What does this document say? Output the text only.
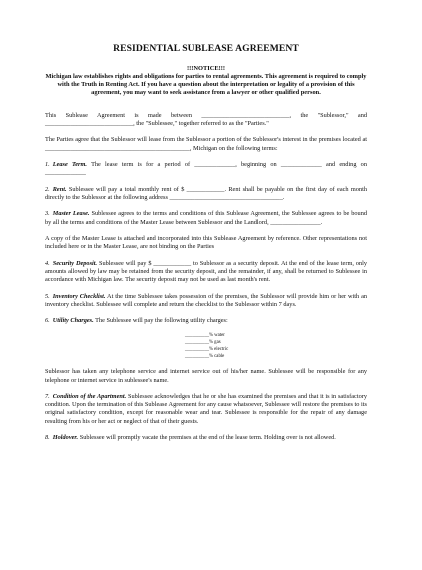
RESIDENTIAL SUBLEASE AGREEMENT
!!!NOTICE!!!
Michigan law establishes rights and obligations for parties to rental agreements. This agreement is required to comply with the Truth in Renting Act. If you have a question about the interpretation or legality of a provision of this agreement, you may want to seek assistance from a lawyer or other qualified person.

This Sublease Agreement is made between ____________________________, the "Sublessor," and ____________________________, the "Sublessee," together referred to as the "Parties."

The Parties agree that the Sublessor will lease from the Sublessor a portion of the Sublessor's interest in the premises located at ______________________________________________, Michigan on the following terms:

1. Lease Term. The lease term is for a period of _____________, beginning on _____________ and ending on _____________

2. Rent. Sublessee will pay a total monthly rent of $ ____________. Rent shall be payable on the first day of each month directly to the Sublessor at the following address ____________________________________.

3. Master Lease. Sublessee agrees to the terms and conditions of this Sublease Agreement, the Sublessee agrees to be bound by all the terms and conditions of the Master Lease between Sublessor and the Landlord, ________________.

A copy of the Master Lease is attached and incorporated into this Sublease Agreement by reference. Other representations not included here or in the Master Lease, are not binding on the Parties

4. Security Deposit. Sublessee will pay $ ____________ to Sublessor as a security deposit. At the end of the lease term, only amounts allowed by law may be retained from the security deposit, and the remainder, if any, shall be returned to Sublessee in accordance with Michigan law. The security deposit may not be used as last month's rent.

5. Inventory Checklist. At the time Sublessee takes possession of the premises, the Sublessor will provide him or her with an inventory checklist. Sublessee will complete and return the checklist to the Sublessor within 7 days.

6. Utility Charges. The Sublessee will pay the following utility charges:

__________% water
__________% gas
__________% electric
__________% cable

Sublessor has taken any telephone service and internet service out of his/her name. Sublessee will be responsible for any telephone or internet service in sublessee's name.

7. Condition of the Apartment. Sublessee acknowledges that he or she has examined the premises and that it is in satisfactory condition. Upon the termination of this Sublease Agreement for any cause whatsoever, Sublessee will restore the premises to its original satisfactory condition, except for reasonable wear and tear. Sublessee is responsible for the repair of any damage resulting from his or her act or neglect of that of their guests.

8. Holdover. Sublessee will promptly vacate the premises at the end of the lease term. Holding over is not allowed.
